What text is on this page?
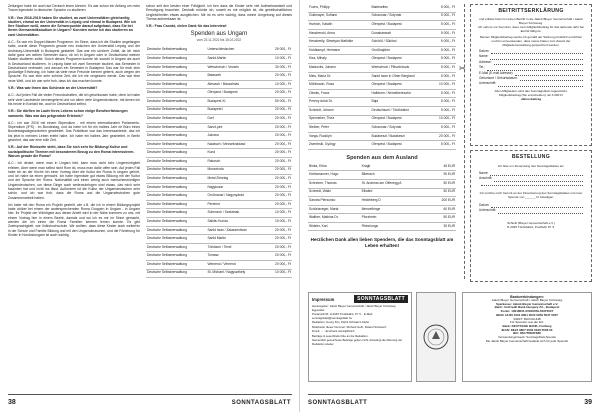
Zeitungen habe ich auch auf Deutsch lesen können. Es war schon ein Anfang um mein Traum irgendwie in deutscher Sprache zu studieren.
V.R.: Von 2016-2019 haben Sie studiert, an zwei Universitäten gleichzeitig studiert, einmal an der Universität in Leipzig und einmal in Budapest. Wie ich Ihre Studium weiß, waren die Schwerpunkte darauf aufgebaut, dass Sie bei Ihrem Germanistikstudium in Ungarn? Konnten meine Ich das studieren an zwei Universitäten.
A.C.: Es war ein Doppel-Master Programm. Im Sinne, dass ich die Studien angefangen habe, wurde diese Programm gerade neu zwischen der Universität Leipzig und der Andrássy-Universität in Budapest gestartet. Das war ein schöner Zufall, da ich mich dafür ganz am selben Semester dazu, ob ich in Ungarn oder in Deutschland meinen Master studieren sollte. Durch dieses Programm konnte ich sowohl in Ungarn als auch in Deutschland studieren. In Leipzig habe ich zwei Semester studiert, das Semester in Deutschland verbracht, und danach ein Semester in Budapest. Das war für mich eine großartige Erfahrung, ich habe da viele neue Freunde kennen gelernt, auch wegen der Sprache. Es war eine sehr schöne Zeit, die ich nie vergessen werde. Das war eine neue Welt, und ich war sehr froh, dass ich das machen konnte.
V.R.: Was war Ihnen das Schönste an der Universität?
A.C.: Auf jeden Fall die vielen Freundschaften, die ich geschlossen habe, denn ich habe sehr viele Landsleute kennengelernt und vor allem viele Ungarndeutsche, mit denen ich bis heute in Kontakt bin, auch in Deutschland selbst.
V.R.: Sie dürften im Laufe Ihres Lebens schon einige Berufserfahrungen sammeln. Was war das prägendste Erlebnis?
A.C.: Ich war 2016 mit einem Stipendium - mit einem internationalen Parlaments-Stipendium (IPS) - im Bundestag, und da habe ich für ein halbes Jahr im Büro eines Bundestagsabgeordneten gearbeitet. Das Praktikum war das Interessanteste, das ich bis jetzt in meinem Leben erlebt habe. Ich habe ein halbes Jahr gearbeitet, in Berlin gewohnt, das war eine tolle Zeit.
V.R.: Auf der Rückseite steht, dass Sie sich sehr für Bildung/ Kultur und sozialpolitische Themen mit besonderem Bezug zu den Roma interessieren. Warum gerade die Roma?
A.C.: Ich denke, wenn man in Ungarn lebt, kann man nicht sehr Ungerechtigkeit erleben. Aber wenn man selbst nicht Rom ist, muss man dafür offen sein. Auf jeden Fall habe ich an der Kirche hin einer Vortrag über die Kultur der Roma in Ungarn gehört, und ich habe da einen gemacht. Ich habe irgendwie gut etwas Bildung mit der Kultur und der Sprache der Roma. Nationalität und einen wenig auch menschenwürdigen Ungarndeutschen, um diese Dinge auch weiterzubringen sind etwas, das mich sehr fasziniert hat und nicht los lässt. Außerdem ist die Kultur der Ungarndeutschen sehr schön, und ich war froh, dass die Roma und die Ungarndeutschen gute Zusammenarbeit haben.
Ich habe mit den Roma ein Projekt gestellt, wie z.B. die ich in einem Bildungsprojekt habe drüber bei einem der andersprechenden Roma Gruppen in Ungarn - in Ungarn hier. Ihr Projekt der Wichtigste aus dieser Arbeit wird in der Nähe kommen zu uns, mit einem Vortrag hier in einem Bezirk, damals und wo ich es mir im Sinne gemacht, werden die ich einen die Roma Familien kennen lernen konnte. Es gibt Zweisprachigkeit, wie Volkshochschule. Wir wollten, dass diese Kinder auch weiterhin in der Schule und Familie Bildung und mit den Ungarndeutschen, und die Förderung für Kinder in Nordostungarn ist auch wichtig.
schon seit den besten einer Fähigkeit. Ich ben dass die Kinder sehr viel Aufmerksamkeit und Ermutigung brauchen. Deshalb möchte ich, soweit es mir möglich ist, die gesellschaftlichen Ungleichheiten etwas ausgleichen. Mir ist es sehr wichtig, dass meine Umgebung auf dieses Thema aufmerksam ist.
V.R.: Frau Csontó, vielen Dank für das Interview!
Spenden aus Ungarn
vom 23.11.2021 bis 15.02.2022
Deutsche Selbstverwaltung	Unterschlesischen	25 000,- Ft
Deutsche Selbstverwaltung	Sankt-Martin	10 000,- Ft
Deutsche Selbstverwaltung	Wetschesch / Vecsés	30 000,- Ft
Deutsche Selbstverwaltung	Bataszek	20 000,- Ft
Deutsche Selbstverwaltung	Almasch / Bácsalmás	10 000,- Ft
Deutsche Selbstverwaltung	Ofenpest / Budapest	20 000,- Ft
Deutsche Selbstverwaltung	Budapest XI.	50 000,- Ft
Deutsche Selbstverwaltung	Budapest I	20 000,- Ft
Deutsche Selbstverwaltung	Dorf	20 000,- Ft
Deutsche Selbstverwaltung	Sanct-jure	20 000,- Ft
Deutsche Selbstverwaltung	Jakowa	20 000,- Ft
Deutsche Selbstverwaltung	Nadasch / Mecseknádasd	20 000,- Ft
Deutsche Selbstverwaltung	Kund	20 000,- Ft
Deutsche Selbstverwaltung	Rakosch	20 000,- Ft
Deutsche Selbstverwaltung	Mecsekrda	20 000,- Ft
Deutsche Selbstverwaltung	Metal Zirkelag	20 000,- Ft
Deutsche Selbstverwaltung	Nagykozar	20 000,- Ft
Deutsche Selbstverwaltung	Großnarad / Nagynyárád	20 000,- Ft
Deutsche Selbstverwaltung	Pereked	20 000,- Ft
Deutsche Selbstverwaltung	Solmosch / Szalatnak	10 000,- Ft
Deutsche Selbstverwaltung	Salkitu Kunda	15 000,- Ft
Deutsche Selbstverwaltung	Sankt Iwan / Zalaszentiván	20 000,- Ft
Deutsche Selbstverwaltung	Sankt Martin	20 000,- Ft
Deutsche Selbstverwaltung	Törkäsch / Tevel	20 000,- Ft
Deutsche Selbstverwaltung	Tomasz	20 000,- Ft
Deutsche Selbstverwaltung	Wemend / Véménd	20 000,- Ft
Deutsche Selbstverwaltung	St. Michael / Nagyszékely	10 000,- Ft
38	SONNTAGSBLATT
Fuchs, Philipp	Badeseltes	5 000,- Ft
Guttmayer, Sofiann	Schaumar / Solymár	5 000,- Ft
Hurbich, Katalin	Ofenpest / Budapest	5 000,- Ft
Haszberoki, Anna	Dunaharaszti	5 000,- Ft
Heszbertly, Sitsetyán Mathilde	Schörlő / Sükösd	5 000,- Ft
Holdkampf, Hermann	Großhajóber	5 000,- Ft
Kiss, Mihaly	Ofenpest / Budapest	5 000,- Ft
Markovits, Johann	Werischvár / Pilisvörösvár	5 000,- Ft
Mies, Maria Dr.	Sankt Iwan in Ofner Bergland	5 000,- Ft
Mühlmann, Rosa	Ofenpest / Budapest	10 000,- Ft
Olesits, Franz	Halbturm / Németkeresztúr	5 000,- Ft
Perény Antal Dr.	Baja	5 000,- Ft
Schmidt, Johann	Deutschsuel / Törökbálint	5 000,- Ft
Spenneker, Thea	Ofenpest / Budapest	10 000,- Ft
Steiber, Peter	Schaumar / Solymár	5 000,- Ft
Varga, Rudolph	Budakeszi / Budakeszi	20 000,- Ft
Zsembsik, György	Ofenpest / Budapest	5 000,- Ft
Spenden aus dem Ausland
Binka, Erika	Kragit	45 EUR
Hofdsmanner, Hugo	Biberach	90 EUR
Schreiner, Thomas	St. Andreas am Offenegg A	50 EUR
Schmidt, Waltz	Ellwärd	50 EUR
Sandra Pfersonko	Heidelberg D	200 EUR
Schörlaveger, Maria	Menzelbinge	60 EUR
Walther, Mathias Dr.	Pforzheim	50 EUR
Winkler, Karl	Rheinlungs	30 EUR
Herzlichen Dank allen lieben Spendern, die das Sonntagsblatt am Leben erhalten!
Impressum	SONNTAGSBLATT
Herausgeber: Jakob Bleyer Gemeinschaft / Jakob Bleyer Közösség Egyesület
Postanschrift: H-2045 Törökbálint, Pf. 5. · E-Mail: sonntagsblatt@sonntagsblatt.hu
Redaktion: Georg Krix, Patrik Schwarcz-Kiefer
Mitarbeiter dieser Nummer: Richard Guth, Roland Schwarcz
Druck: ... · Erscheint vierteljährlich
Beiträge & Leserbriefe bitte an die Redaktion.
Namentlich gezeichnete Beiträge geben nicht unbedingt die Meinung der Redaktion wieder.
Bankverbindungen:
Jakob Bleyer Gemeinschaft / Jakob Bleyer Közösség
Sparkasse: Jakob Bleyer Gemeinschaft e.V.
Bank: UniCredit Bank Hungary Zrt., Budapest
Konto: 10918001-00000059-50370007
IBAN: HU36 1091 8001 0000 0059 5037 0007
SWIFT: BACXHUHB
Für Spenden aus der EU:
Bank: DEUTSCHE BANK, Freiburg
IBAN: DE24 6807 0030 0048 5508 00
BIC: DEUTDE6F680
Verwendungszweck: Sonntagsblatt-Spende
Die Jakob Bleyer Gemeinschaft bedankt sich für jede Spende!
✂
BEITRITTSERKLÄRUNG
und erkläre hiermit meinen Beitritt in die Jakob Bleyer Gemeinschaft / Jakob Bleyer Közösség.
Ich nehme zur Kenntnis, dass mein Mitgliedsbeitrag für das laufende Jahr bei Eintritt fällig ist.
Meinen Mitgliedsbeitrag werde ich gemäß der Satzung pünktlich entrichten und bin einverstanden, dass meine Daten zum Zweck der Mitgliederverwaltung gespeichert werden.
Datum:
Name:
Adresse:
Tel.:
E-Mail (E-mail Adresse):
Geburtsort / Geburtsdatum:
Unterschrift:
Allen Mitgliedern wird das Sonntagsblatt zugeschickt.
Mitgliedsbeitrag (Sie entscheiden): ab 3.000 Ft
Jahresbeitrag
BESTELLUNG
Ich bitte um Zusendung des Sonntagsblattes an:
Name:
Anschrift:
Ich möchte mich hiermit an der Finanzierung des Sonntagsblattes mit einer Spende von ______ Ft beteiligen:
Datum:
Unterschrift:
Schickt (Bleyer Gemeinschaft e.V.)
H-2045 Törökbálint, Postfach Pf. 5.
SONNTAGSBLATT	39
